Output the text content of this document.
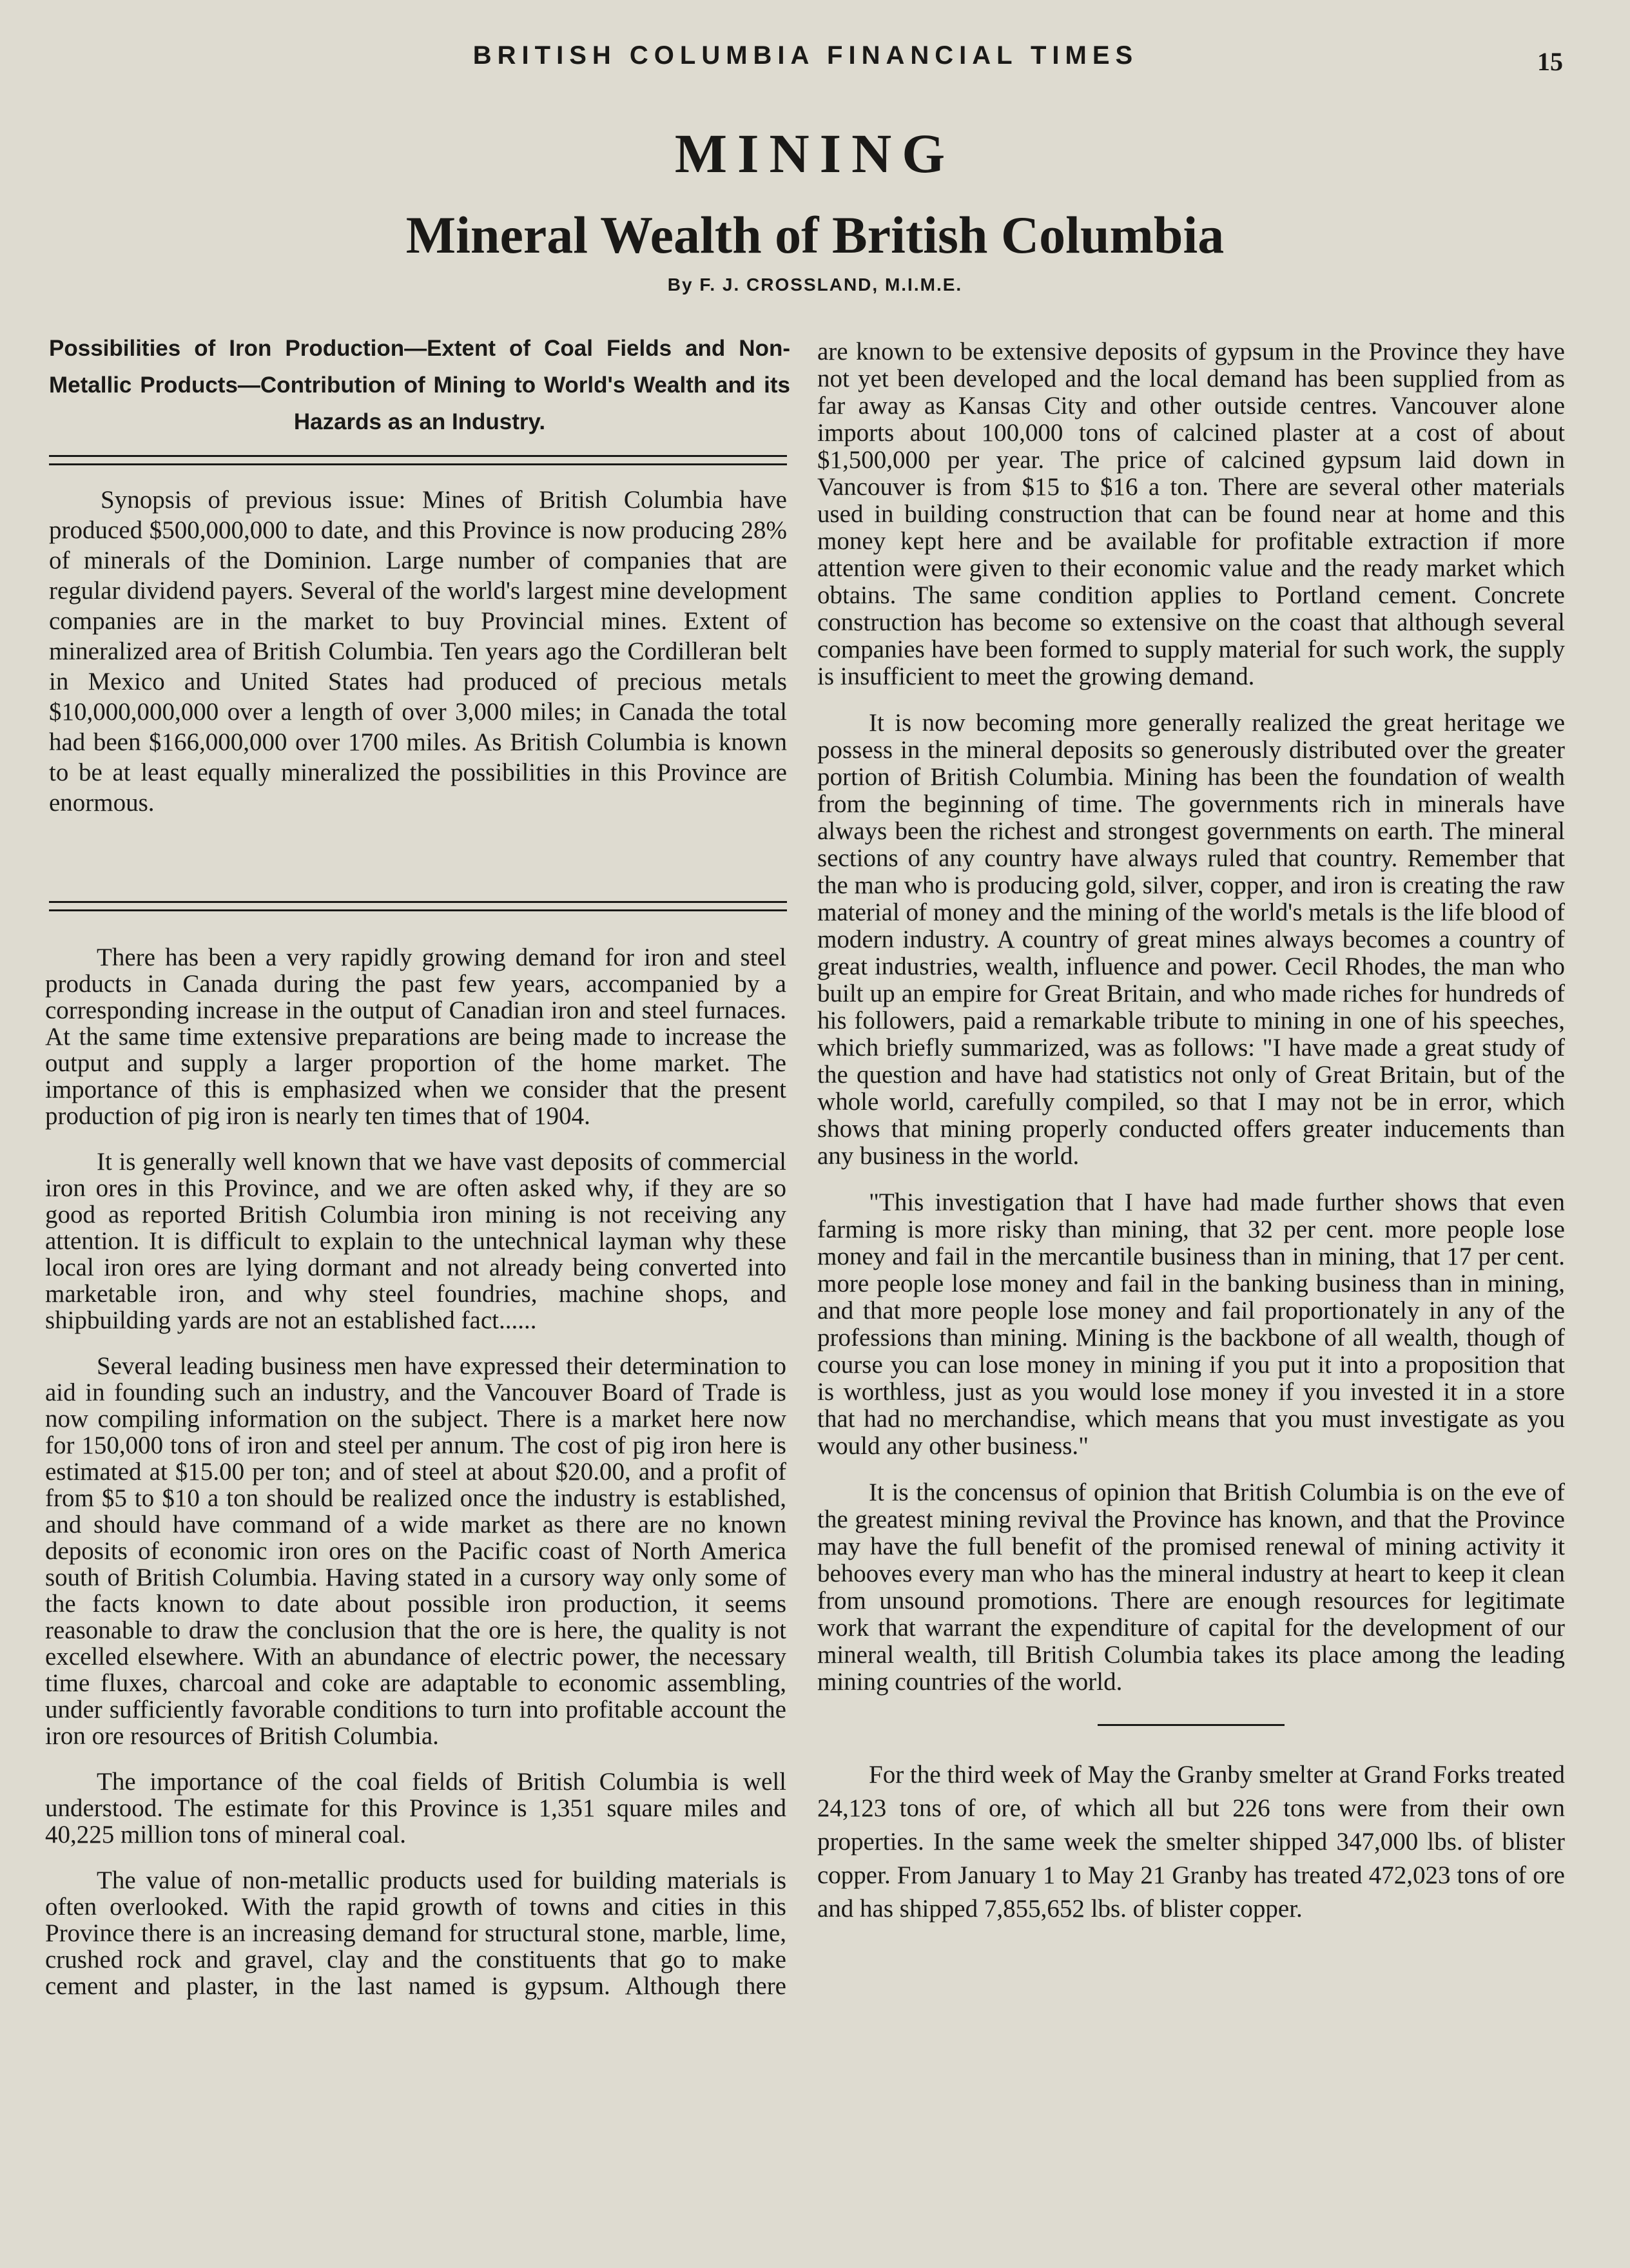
BRITISH COLUMBIA FINANCIAL TIMES	15
MINING
Mineral Wealth of British Columbia
By F. J. CROSSLAND, M.I.M.E.
Possibilities of Iron Production—Extent of Coal Fields and Non-Metallic Products—Contribution of Mining to World's Wealth and its Hazards as an Industry.

Synopsis of previous issue: Mines of British Columbia have produced $500,000,000 to date, and this Province is now producing 28% of minerals of the Dominion. Large number of companies that are regular dividend payers. Several of the world's largest mine development companies are in the market to buy Provincial mines. Extent of mineralized area of British Columbia. Ten years ago the Cordilleran belt in Mexico and United States had produced of precious metals $10,000,000,000 over a length of over 3,000 miles; in Canada the total had been $166,000,000 over 1700 miles. As British Columbia is known to be at least equally mineralized the possibilities in this Province are enormous.

There has been a very rapidly growing demand for iron and steel products in Canada during the past few years, accompanied by a corresponding increase in the output of Canadian iron and steel furnaces. At the same time extensive preparations are being made to increase the output and supply a larger proportion of the home market. The importance of this is emphasized when we consider that the present production of pig iron is nearly ten times that of 1904.

It is generally well known that we have vast deposits of commercial iron ores in this Province, and we are often asked why, if they are so good as reported British Columbia iron mining is not receiving any attention. It is difficult to explain to the untechnical layman why these local iron ores are lying dormant and not already being converted into marketable iron, and why steel foundries, machine shops, and shipbuilding yards are not an established fact......

Several leading business men have expressed their determination to aid in founding such an industry, and the Vancouver Board of Trade is now compiling information on the subject. There is a market here now for 150,000 tons of iron and steel per annum. The cost of pig iron here is estimated at $15.00 per ton; and of steel at about $20.00, and a profit of from $5 to $10 a ton should be realized once the industry is established, and should have command of a wide market as there are no known deposits of economic iron ores on the Pacific coast of North America south of British Columbia. Having stated in a cursory way only some of the facts known to date about possible iron production, it seems reasonable to draw the conclusion that the ore is here, the quality is not excelled elsewhere. With an abundance of electric power, the necessary time fluxes, charcoal and coke are adaptable to economic assembling, under sufficiently favorable conditions to turn into profitable account the iron ore resources of British Columbia.

The importance of the coal fields of British Columbia is well understood. The estimate for this Province is 1,351 square miles and 40,225 million tons of mineral coal.

The value of non-metallic products used for building materials is often overlooked. With the rapid growth of towns and cities in this Province there is an increasing demand for structural stone, marble, lime, crushed rock and gravel, clay and the constituents that go to make cement and plaster, in the last named is gypsum. Although there

are known to be extensive deposits of gypsum in the Province they have not yet been developed and the local demand has been supplied from as far away as Kansas City and other outside centres. Vancouver alone imports about 100,000 tons of calcined plaster at a cost of about $1,500,000 per year. The price of calcined gypsum laid down in Vancouver is from $15 to $16 a ton. There are several other materials used in building construction that can be found near at home and this money kept here and be available for profitable extraction if more attention were given to their economic value and the ready market which obtains. The same condition applies to Portland cement. Concrete construction has become so extensive on the coast that although several companies have been formed to supply material for such work, the supply is insufficient to meet the growing demand.

It is now becoming more generally realized the great heritage we possess in the mineral deposits so generously distributed over the greater portion of British Columbia. Mining has been the foundation of wealth from the beginning of time. The governments rich in minerals have always been the richest and strongest governments on earth. The mineral sections of any country have always ruled that country. Remember that the man who is producing gold, silver, copper, and iron is creating the raw material of money and the mining of the world's metals is the life blood of modern industry. A country of great mines always becomes a country of great industries, wealth, influence and power. Cecil Rhodes, the man who built up an empire for Great Britain, and who made riches for hundreds of his followers, paid a remarkable tribute to mining in one of his speeches, which briefly summarized, was as follows: "I have made a great study of the question and have had statistics not only of Great Britain, but of the whole world, carefully compiled, so that I may not be in error, which shows that mining properly conducted offers greater inducements than any business in the world.

"This investigation that I have had made further shows that even farming is more risky than mining, that 32 per cent. more people lose money and fail in the mercantile business than in mining, that 17 per cent. more people lose money and fail in the banking business than in mining, and that more people lose money and fail proportionately in any of the professions than mining. Mining is the backbone of all wealth, though of course you can lose money in mining if you put it into a proposition that is worthless, just as you would lose money if you invested it in a store that had no merchandise, which means that you must investigate as you would any other business."

It is the concensus of opinion that British Columbia is on the eve of the greatest mining revival the Province has known, and that the Province may have the full benefit of the promised renewal of mining activity it behooves every man who has the mineral industry at heart to keep it clean from unsound promotions. There are enough resources for legitimate work that warrant the expenditure of capital for the development of our mineral wealth, till British Columbia takes its place among the leading mining countries of the world.

For the third week of May the Granby smelter at Grand Forks treated 24,123 tons of ore, of which all but 226 tons were from their own properties. In the same week the smelter shipped 347,000 lbs. of blister copper. From January 1 to May 21 Granby has treated 472,023 tons of ore and has shipped 7,855,652 lbs. of blister copper.
